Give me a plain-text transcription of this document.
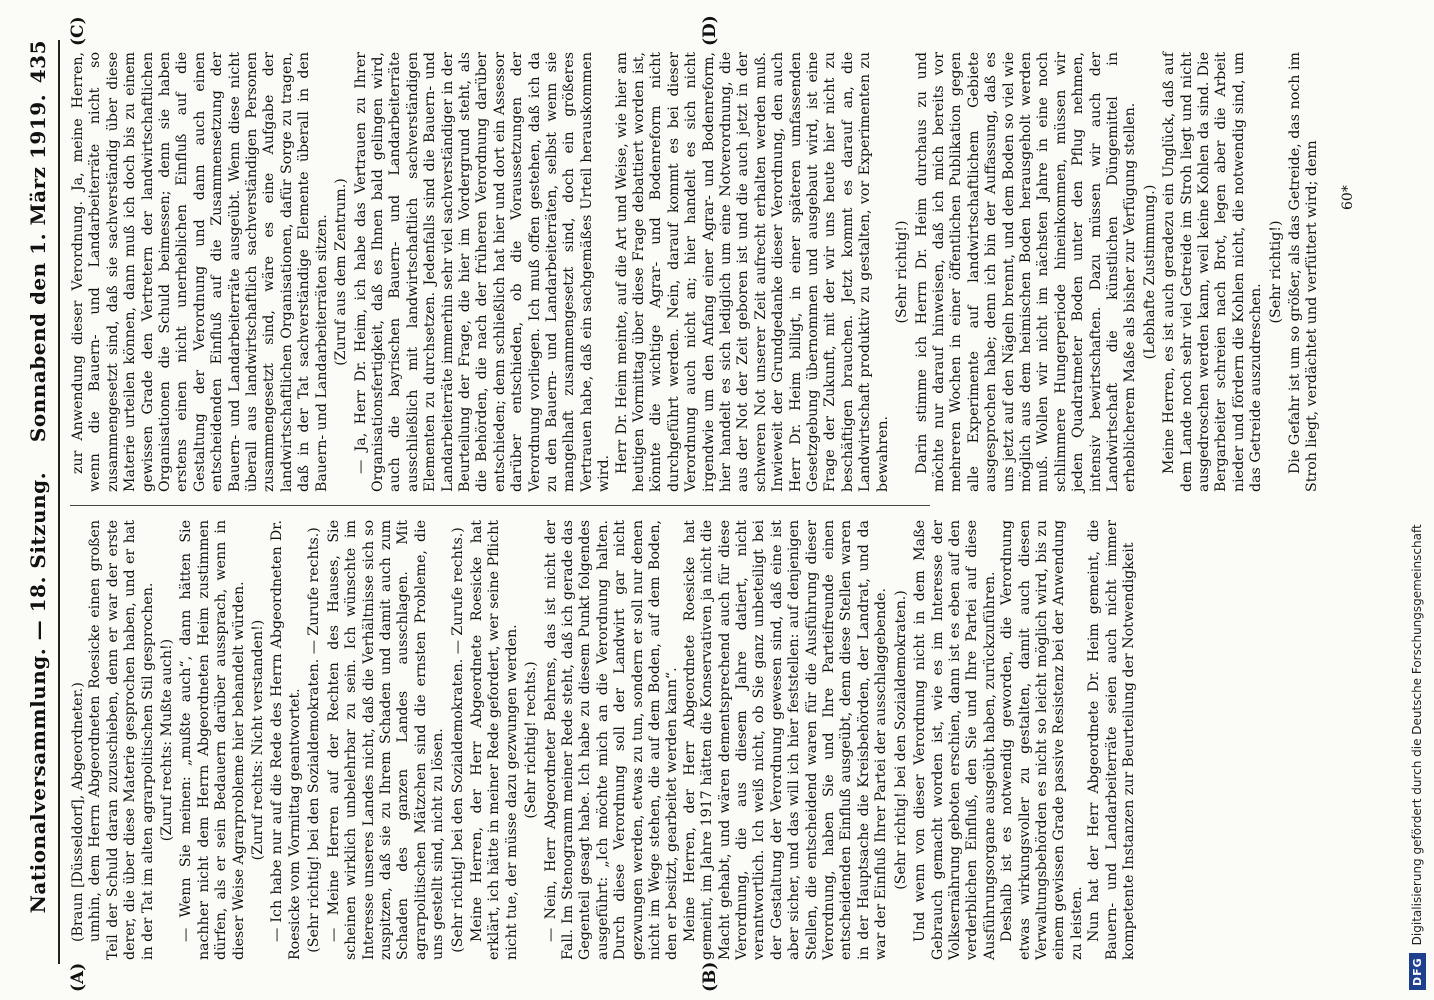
Nationalversammlung. — 18. Sitzung.    Sonnabend den 1. März 1919.
435
(A)	(B)
(C)	(D)

(Braun [Düsseldorf], Abgeordneter.) umhin, dem Herrn Abgeordneten Roesicke einen großen Teil der Schuld daran zuzuschieben, denn er war der erste derer, die über diese Materie gesprochen haben, und er hat in der Tat im alten agrarpolitischen Stil gesprochen. (Zuruf rechts: Mußte auch!) — Wenn Sie meinen: „mußte auch“, dann hätten Sie nachher nicht dem Herrn Abgeordneten Heim zustimmen dürfen, als er sein Bedauern darüber aussprach, wenn in dieser Weise Agrarprobleme hier behandelt würden. (Zuruf rechts: Nicht verstanden!) — Ich habe nur auf die Rede des Herrn Abgeordneten Dr. Roesicke vom Vormittag geantwortet. (Sehr richtig! bei den Sozialdemokraten. — Zurufe rechts.) — Meine Herren auf der Rechten des Hauses, Sie scheinen wirklich unbelehrbar zu sein. Ich wünschte im Interesse unseres Landes nicht, daß die Verhältnisse sich so zuspitzen, daß sie zu Ihrem Schaden und damit auch zum Schaden des ganzen Landes ausschlagen. Mit agrarpolitischen Mätzchen sind die ernsten Probleme, die uns gestellt sind, nicht zu lösen. (Sehr richtig! bei den Sozialdemokraten. — Zurufe rechts.) Meine Herren, der Herr Abgeordnete Roesicke hat erklärt, ich hätte in meiner Rede gefordert, wer seine Pflicht nicht tue, der müsse dazu gezwungen werden. (Sehr richtig! rechts.) — Nein, Herr Abgeordneter Behrens, das ist nicht der Fall. Im Stenogramm meiner Rede steht, daß ich gerade das Gegenteil gesagt habe. Ich habe zu diesem Punkt folgendes ausgeführt: „Ich möchte mich an die Verordnung halten. Durch diese Verordnung soll der Landwirt gar nicht gezwungen werden, etwas zu tun, sondern er soll nur denen nicht im Wege stehen, die auf dem Boden, auf dem Boden, den er besitzt, gearbeitet werden kann“. Meine Herren, der Herr Abgeordnete Roesicke hat gemeint, im Jahre 1917 hätten die Konservativen ja nicht die Macht gehabt, und wären dementsprechend auch für diese Verordnung, die aus diesem Jahre datiert, nicht verantwortlich. Ich weiß nicht, ob Sie ganz unbeteiligt bei der Gestaltung der Verordnung gewesen sind, daß eine ist aber sicher, und das will ich hier feststellen: auf denjenigen Stellen, die entscheidend waren für die Ausführung dieser Verordnung, haben Sie und Ihre Parteifreunde einen entscheidenden Einfluß ausgeübt, denn diese Stellen waren in der Hauptsache die Kreisbehörden, der Landrat, und da war der Einfluß Ihrer Partei der ausschlaggebende. (Sehr richtig! bei den Sozialdemokraten.) Und wenn von dieser Verordnung nicht in dem Maße Gebrauch gemacht worden ist, wie es im Interesse der Volksernährung geboten erschien, dann ist es eben auf den verderblichen Einfluß, den Sie und Ihre Partei auf diese Ausführungsorgane ausgeübt haben, zurückzuführen. Deshalb ist es notwendig geworden, die Verordnung etwas wirkungsvoller zu gestalten, damit auch diesen Verwaltungsbehörden es nicht so leicht möglich wird, bis zu einem gewissen Grade passive Resistenz bei der Anwendung zu leisten. Nun hat der Herr Abgeordnete Dr. Heim gemeint, die Bauern- und Landarbeiterräte seien auch nicht immer kompetente Instanzen zur Beurteilung der Notwendigkeit

zur Anwendung dieser Verordnung. Ja, meine Herren, wenn die Bauern- und Landarbeiterräte nicht so zusammengesetzt sind, daß sie sachverständig über diese Materie urteilen können, dann muß ich doch bis zu einem gewissen Grade den Vertretern der landwirtschaftlichen Organisationen die Schuld beimessen; denn sie haben erstens einen nicht unerheblichen Einfluß auf die Gestaltung der Verordnung und dann auch einen entscheidenden Einfluß auf die Zusammensetzung der Bauern- und Landarbeiterräte ausgeübt. Wenn diese nicht überall aus landwirtschaftlich sachverständigen Personen zusammengesetzt sind, wäre es eine Aufgabe der landwirtschaftlichen Organisationen, dafür Sorge zu tragen, daß in der Tat sachverständige Elemente überall in den Bauern- und Landarbeiterräten sitzen. (Zuruf aus dem Zentrum.) — Ja, Herr Dr. Heim, ich habe das Vertrauen zu Ihrer Organisationsfertigkeit, daß es Ihnen bald gelingen wird, auch die bayrischen Bauern- und Landarbeiterräte ausschließlich mit landwirtschaftlich sachverständigen Elementen zu durchsetzen. Jedenfalls sind die Bauern- und Landarbeiterräte immerhin sehr viel sachverständiger in der Beurteilung der Frage, die hier im Vordergrund steht, als die Behörden, die nach der früheren Verordnung darüber entschieden; denn schließlich hat hier und dort ein Assessor darüber entschieden, ob die Voraussetzungen der Verordnung vorliegen. Ich muß offen gestehen, daß ich da zu den Bauern- und Landarbeiterräten, selbst wenn sie mangelhaft zusammengesetzt sind, doch ein größeres Vertrauen habe, daß ein sachgemäßes Urteil herauskommen wird. Herr Dr. Heim meinte, auf die Art und Weise, wie hier am heutigen Vormittag über diese Frage debattiert worden ist, könnte die wichtige Agrar- und Bodenreform nicht durchgeführt werden. Nein, darauf kommt es bei dieser Verordnung auch nicht an; hier handelt es sich nicht irgendwie um den Anfang einer Agrar- und Bodenreform, hier handelt es sich lediglich um eine Notverordnung, die aus der Not der Zeit geboren ist und die auch jetzt in der schweren Not unserer Zeit aufrecht erhalten werden muß. Inwieweit der Grundgedanke dieser Verordnung, den auch Herr Dr. Heim billigt, in einer späteren umfassenden Gesetzgebung übernommen und ausgebaut wird, ist eine Frage der Zukunft, mit der wir uns heute hier nicht zu beschäftigen brauchen. Jetzt kommt es darauf an, die Landwirtschaft produktiv zu gestalten, vor Experimenten zu bewahren.

(Sehr richtig!) Darin stimme ich Herrn Dr. Heim durchaus zu und möchte nur darauf hinweisen, daß ich mich bereits vor mehreren Wochen in einer öffentlichen Publikation gegen alle Experimente auf landwirtschaftlichem Gebiete ausgesprochen habe; denn ich bin der Auffassung, daß es uns jetzt auf den Nägeln brennt, und dem Boden so viel wie möglich aus dem heimischen Boden herausgeholt werden muß. Wollen wir nicht im nächsten Jahre in eine noch schlimmere Hungerperiode hineinkommen, müssen wir jeden Quadratmeter Boden unter den Pflug nehmen, intensiv bewirtschaften. Dazu müssen wir auch der Landwirtschaft die künstlichen Düngemittel in erheblicherem Maße als bisher zur Verfügung stellen. (Lebhafte Zustimmung.) Meine Herren, es ist auch geradezu ein Unglück, daß auf dem Lande noch sehr viel Getreide im Stroh liegt und nicht ausgedroschen werden kann, weil keine Kohlen da sind. Die Bergarbeiter schreien nach Brot, legen aber die Arbeit nieder und fördern die Kohlen nicht, die notwendig sind, um das Getreide auszudreschen.

(Sehr richtig!) Die Gefahr ist um so größer, als das Getreide, das noch im Stroh liegt, verdächtet und verfüttert wird; denn 60*
DFG
Digitalisierung gefördert durch die Deutsche Forschungsgemeinschaft
